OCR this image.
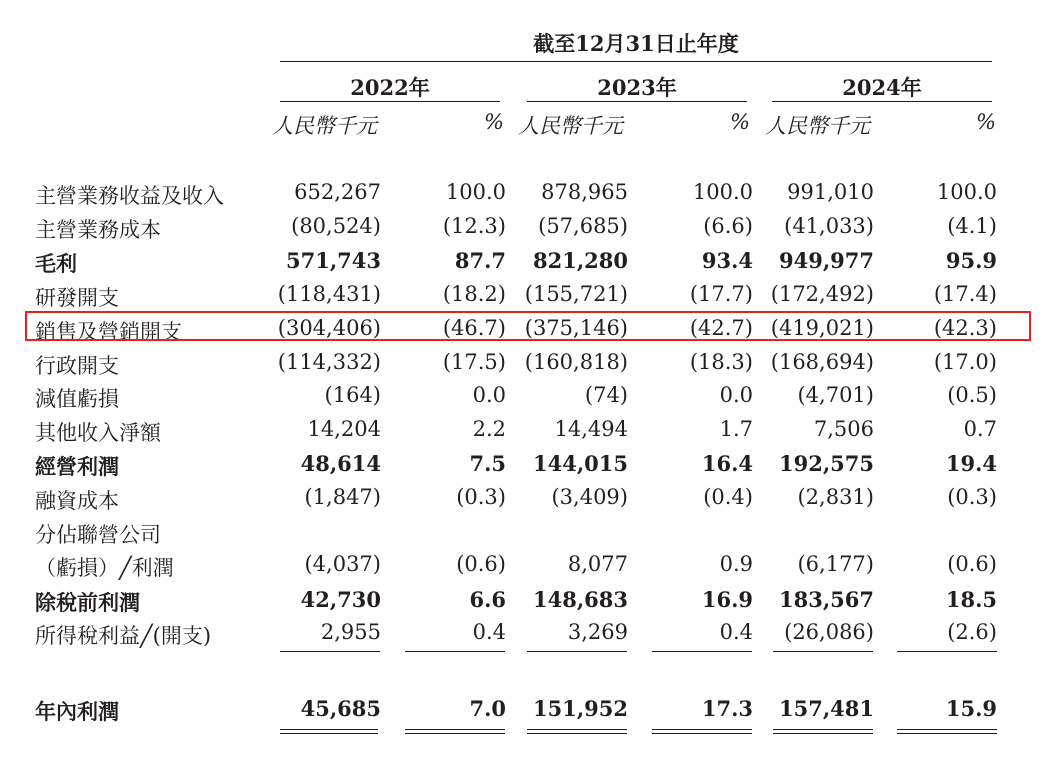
截至12月31日止年度
2022年	2023年	2024年
人民幣千元	% 人民幣千元	% 人民幣千元	%
主營業務收益及收入	652,267	100.0 878,965	100.0 991,010	100.0
主營業務成本	(80,524)	(12.3) (57,685)	(6.6) (41,033)	(4.1)
毛利	571,743	87.7 821,280	93.4 949,977	95.9
研發開支	(118,431)	(18.2) (155,721)	(17.7) (172,492)	(17.4)
銷售及營銷開支	(304,406)	(46.7) (375,146)	(42.7) (419,021)	(42.3)
行政開支	(114,332)	(17.5) (160,818)	(18.3) (168,694)	(17.0)
減值虧損	(164)	0.0	(74)	0.0 (4,701)	(0.5)
其他收入淨額	14,204	2.2 14,494	1.7	7,506	0.7
經營利潤	48,614	7.5 144,015	16.4 192,575	19.4
融資成本	(1,847)	(0.3) (3,409)	(0.4) (2,831)	(0.3)
分佔聯營公司
（虧損）╱利潤	(4,037)	(0.6)	8,077	0.9 (6,177)	(0.6)
除稅前利潤	42,730	6.6 148,683	16.9 183,567	18.5
所得稅利益╱(開支)	2,955	0.4	3,269	0.4 (26,086)	(2.6)
年內利潤	45,685	7.0 151,952	17.3 157,481	15.9
